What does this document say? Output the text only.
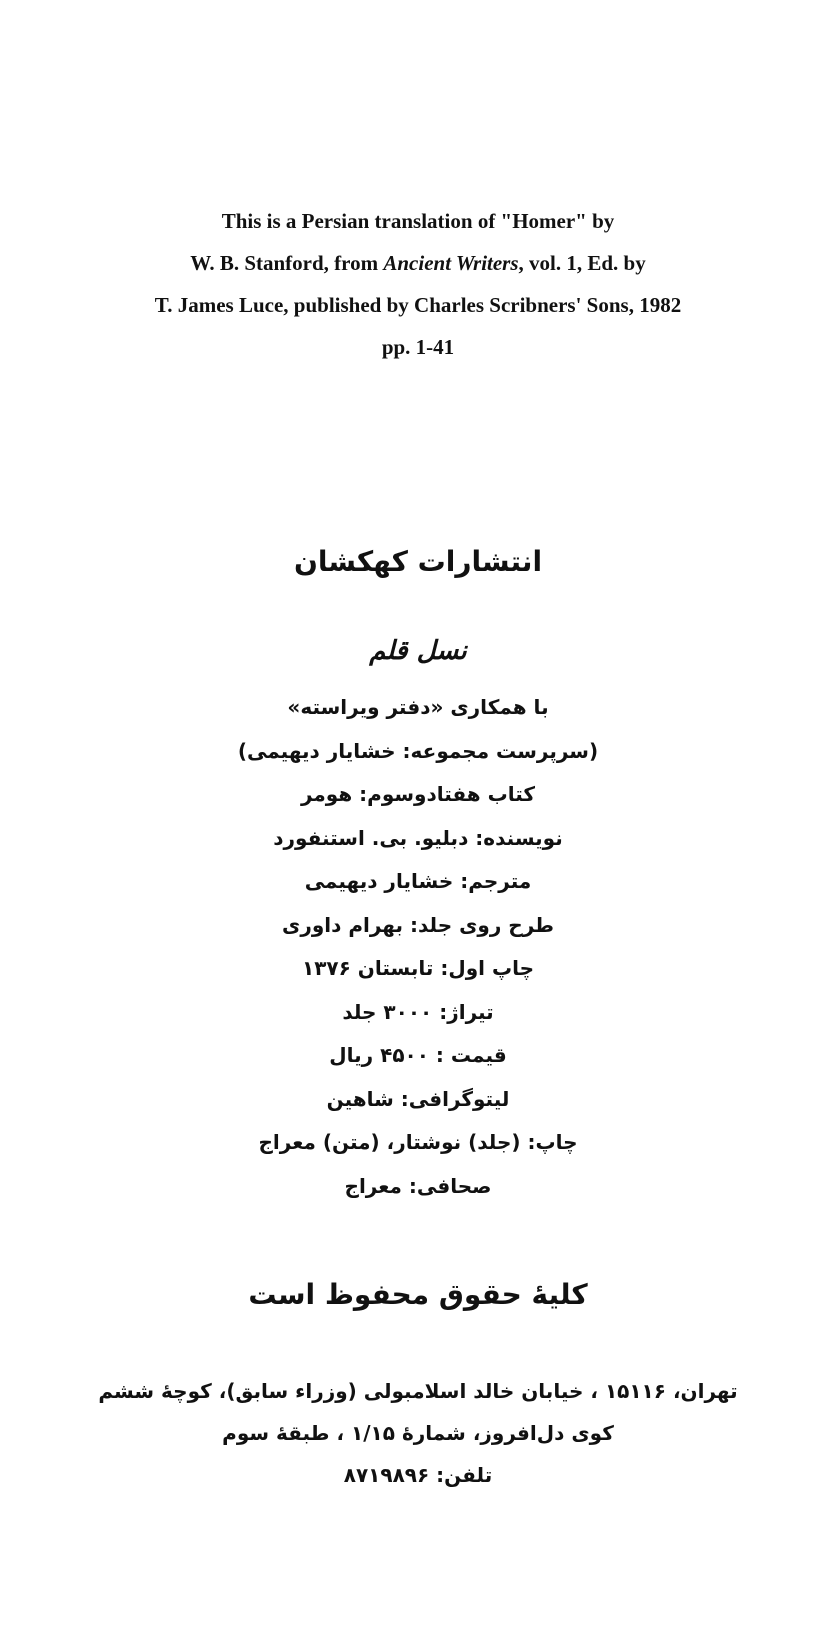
This is a Persian translation of "Homer" by
W. B. Stanford, from Ancient Writers, vol. 1, Ed. by
T. James Luce, published by Charles Scribners' Sons, 1982
pp. 1-41
انتشارات کهکشان
نسل قلم
با همکاری «دفتر ویراسته»
(سرپرست مجموعه: خشایار دیهیمی)
کتاب هفتادوسوم: هومر
نویسنده: دبلیو. بی. استنفورد
مترجم: خشایار دیهیمی
طرح روی جلد: بهرام داوری
چاپ اول: تابستان ۱۳۷۶
تیراژ: ۳۰۰۰ جلد
قیمت : ۴۵۰۰ ریال
لیتوگرافی: شاهین
چاپ: (جلد) نوشتار، (متن) معراج
صحافی: معراج
کلیهٔ حقوق محفوظ است
تهران، ۱۵۱۱۶ ، خیابان خالد اسلامبولی (وزراء سابق)، کوچهٔ ششم
کوی دل‌افروز، شمارهٔ ۱/۱۵ ، طبقهٔ سوم
تلفن: ۸۷۱۹۸۹۶
